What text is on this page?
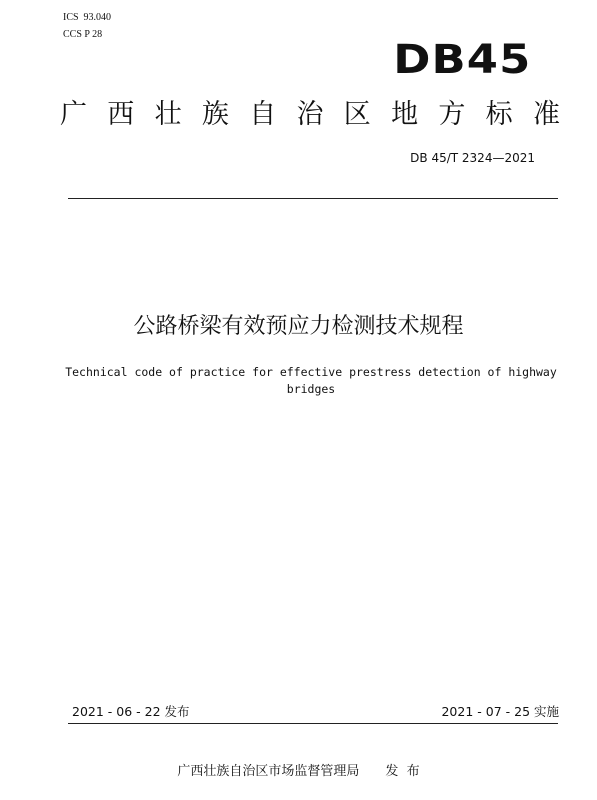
ICS  93.040
CCS P 28
DB45
广 西 壮 族 自 治 区 地 方 标 准
DB 45/T 2324—2021
公路桥梁有效预应力检测技术规程
Technical code of practice for effective prestress detection of highway bridges
2021 - 06 - 22 发布	2021 - 07 - 25 实施
广西壮族自治区市场监督管理局 发  布
